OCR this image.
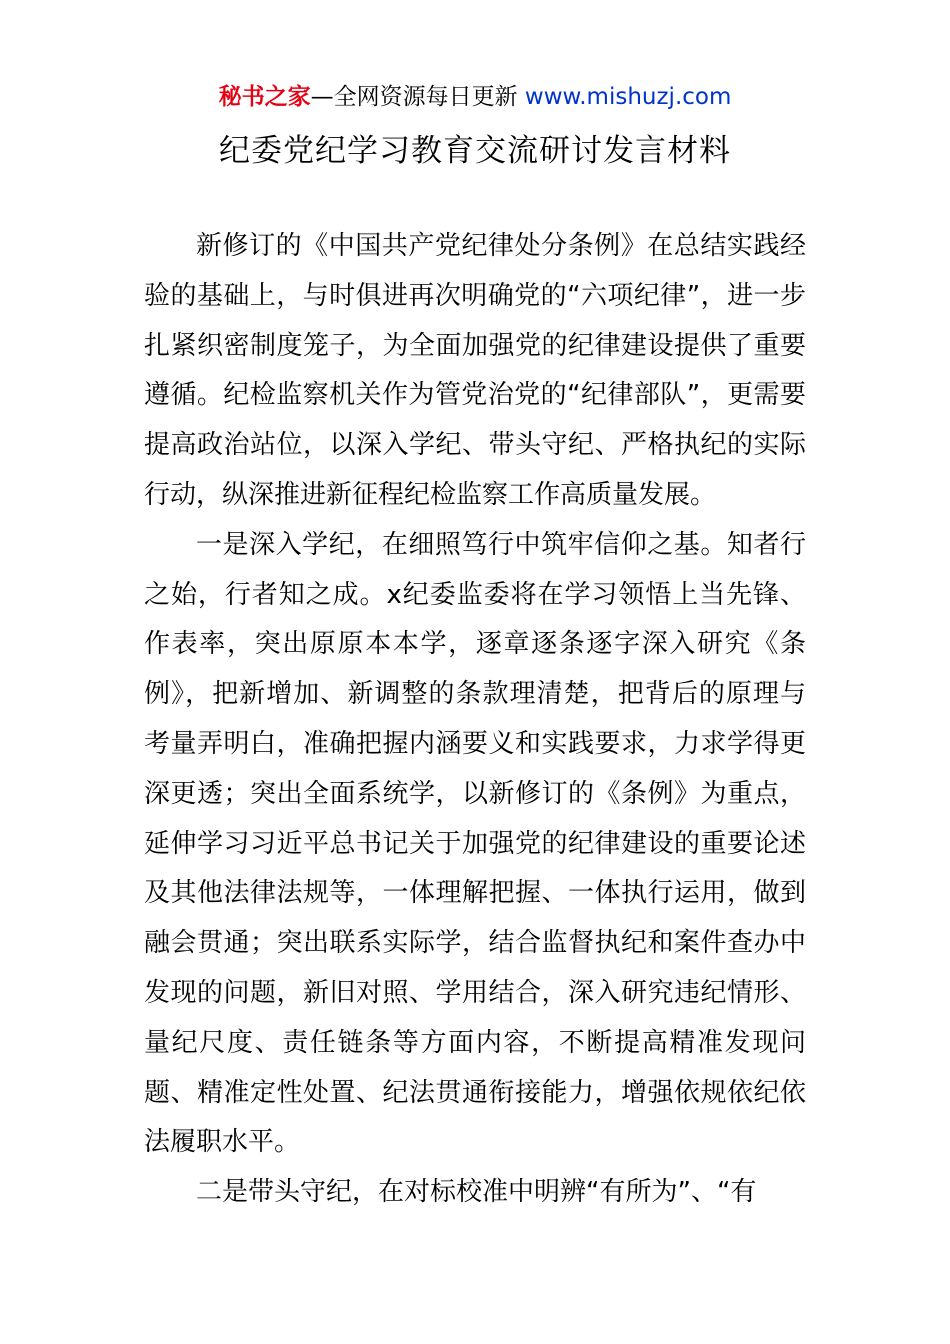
秘书之家—全网资源每日更新 www.mishuzj.com
纪委党纪学习教育交流研讨发言材料

新修订的《中国共产党纪律处分条例》在总结实践经验的基础上，与时俱进再次明确党的“六项纪律”，进一步扎紧织密制度笼子，为全面加强党的纪律建设提供了重要遵循。纪检监察机关作为管党治党的“纪律部队”，更需要提高政治站位，以深入学纪、带头守纪、严格执纪的实际行动，纵深推进新征程纪检监察工作高质量发展。

一是深入学纪，在细照笃行中筑牢信仰之基。知者行之始，行者知之成。x纪委监委将在学习领悟上当先锋、作表率，突出原原本本学，逐章逐条逐字深入研究《条例》，把新增加、新调整的条款理清楚，把背后的原理与考量弄明白，准确把握内涵要义和实践要求，力求学得更深更透；突出全面系统学，以新修订的《条例》为重点，延伸学习习近平总书记关于加强党的纪律建设的重要论述及其他法律法规等，一体理解把握、一体执行运用，做到融会贯通；突出联系实际学，结合监督执纪和案件查办中发现的问题，新旧对照、学用结合，深入研究违纪情形、量纪尺度、责任链条等方面内容，不断提高精准发现问题、精准定性处置、纪法贯通衔接能力，增强依规依纪依法履职水平。

二是带头守纪，在对标校准中明辨“有所为”、“有
